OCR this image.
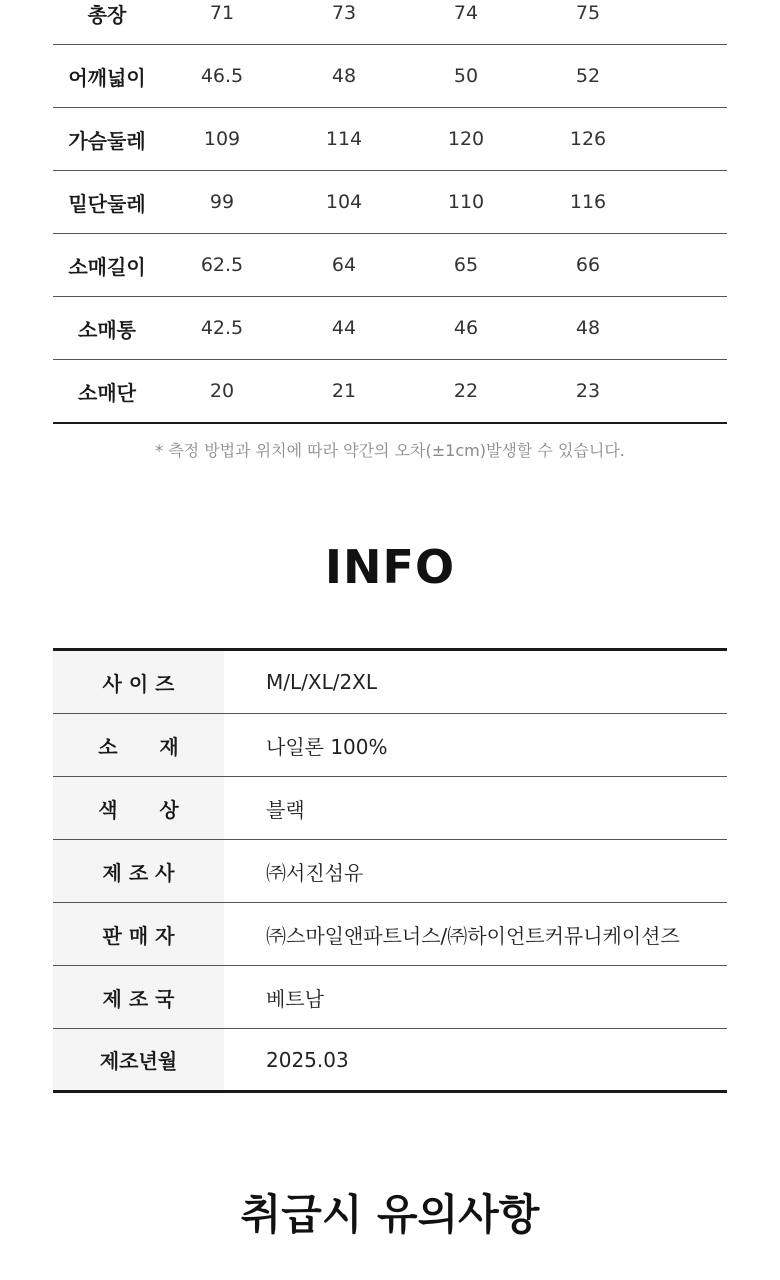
총장	71	73	74	75
어깨넓이	46.5	48	50	52
가슴둘레	109	114	120	126
밑단둘레	99	104	110	116
소매길이	62.5	64	65	66
소매통	42.5	44	46	48
소매단	20	21	22	23
* 측정 방법과 위치에 따라 약간의 오차(±1cm)발생할 수 있습니다.
INFO
사 이 즈	M/L/XL/2XL
소      재	나일론 100%
색      상	블랙
제 조 사	㈜서진섬유
판 매 자	㈜스마일앤파트너스/㈜하이언트커뮤니케이션즈
제 조 국	베트남
제조년월	2025.03
취급시 유의사항
